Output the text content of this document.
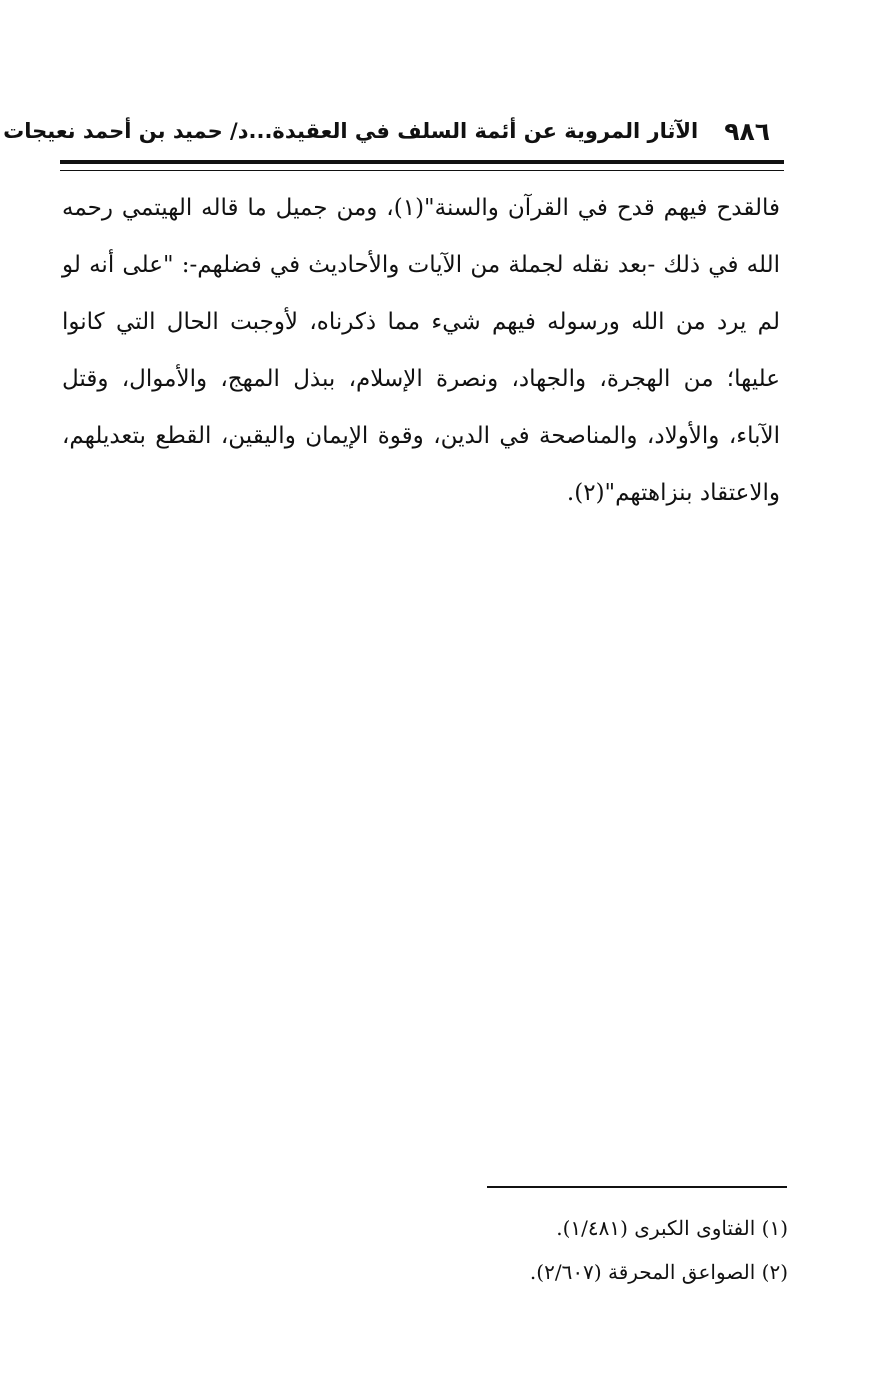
٩٨٦
الآثار المروية عن أئمة السلف في العقيدة...د/ حميد بن أحمد نعيجات
فالقدح فيهم قدح في القرآن والسنة"(١)، ومن جميل ما قاله الهيتمي رحمه الله في ذلك -بعد نقله لجملة من الآيات والأحاديث في فضلهم-: "على أنه لو لم يرد من الله ورسوله فيهم شيء مما ذكرناه، لأوجبت الحال التي كانوا عليها؛ من الهجرة، والجهاد، ونصرة الإسلام، ببذل المهج، والأموال، وقتل الآباء، والأولاد، والمناصحة في الدين، وقوة الإيمان واليقين، القطع بتعديلهم، والاعتقاد بنزاهتهم"(٢).
(١) الفتاوى الكبرى (١/٤٨١).
(٢) الصواعق المحرقة (٢/٦٠٧).
